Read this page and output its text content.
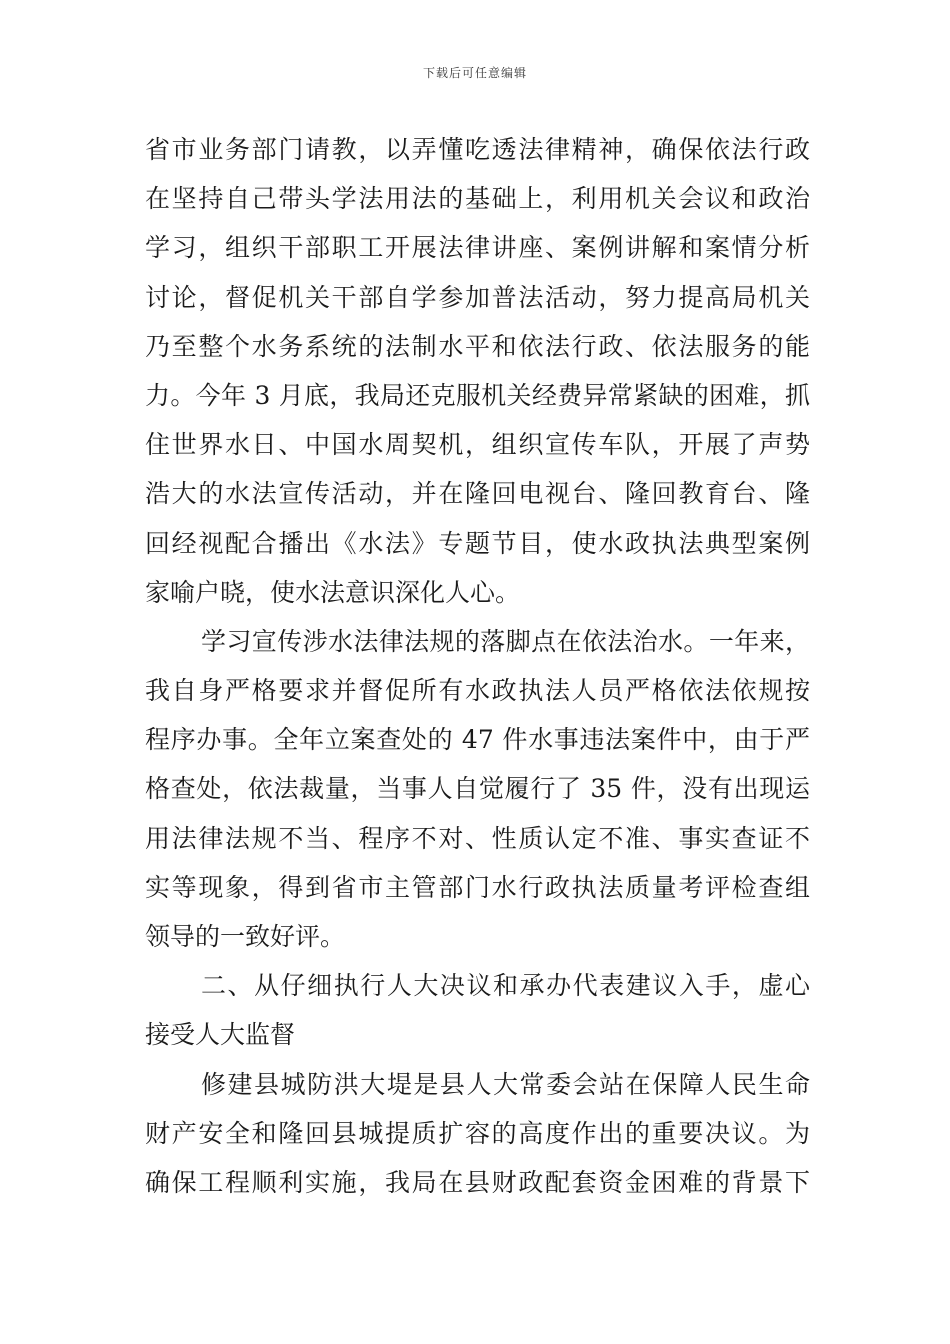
下载后可任意编辑
省市业务部门请教，以弄懂吃透法律精神，确保依法行政
在坚持自己带头学法用法的基础上，利用机关会议和政治
学习，组织干部职工开展法律讲座、案例讲解和案情分析
讨论，督促机关干部自学参加普法活动，努力提高局机关
乃至整个水务系统的法制水平和依法行政、依法服务的能
力。今年 3 月底，我局还克服机关经费异常紧缺的困难，抓
住世界水日、中国水周契机，组织宣传车队，开展了声势
浩大的水法宣传活动，并在隆回电视台、隆回教育台、隆
回经视配合播出《水法》专题节目，使水政执法典型案例
家喻户晓，使水法意识深化人心。
学习宣传涉水法律法规的落脚点在依法治水。一年来，
我自身严格要求并督促所有水政执法人员严格依法依规按
程序办事。全年立案查处的 47 件水事违法案件中，由于严
格查处，依法裁量，当事人自觉履行了 35 件，没有出现运
用法律法规不当、程序不对、性质认定不准、事实查证不
实等现象，得到省市主管部门水行政执法质量考评检查组
领导的一致好评。
二、从仔细执行人大决议和承办代表建议入手，虚心
接受人大监督
修建县城防洪大堤是县人大常委会站在保障人民生命
财产安全和隆回县城提质扩容的高度作出的重要决议。为
确保工程顺利实施，我局在县财政配套资金困难的背景下
